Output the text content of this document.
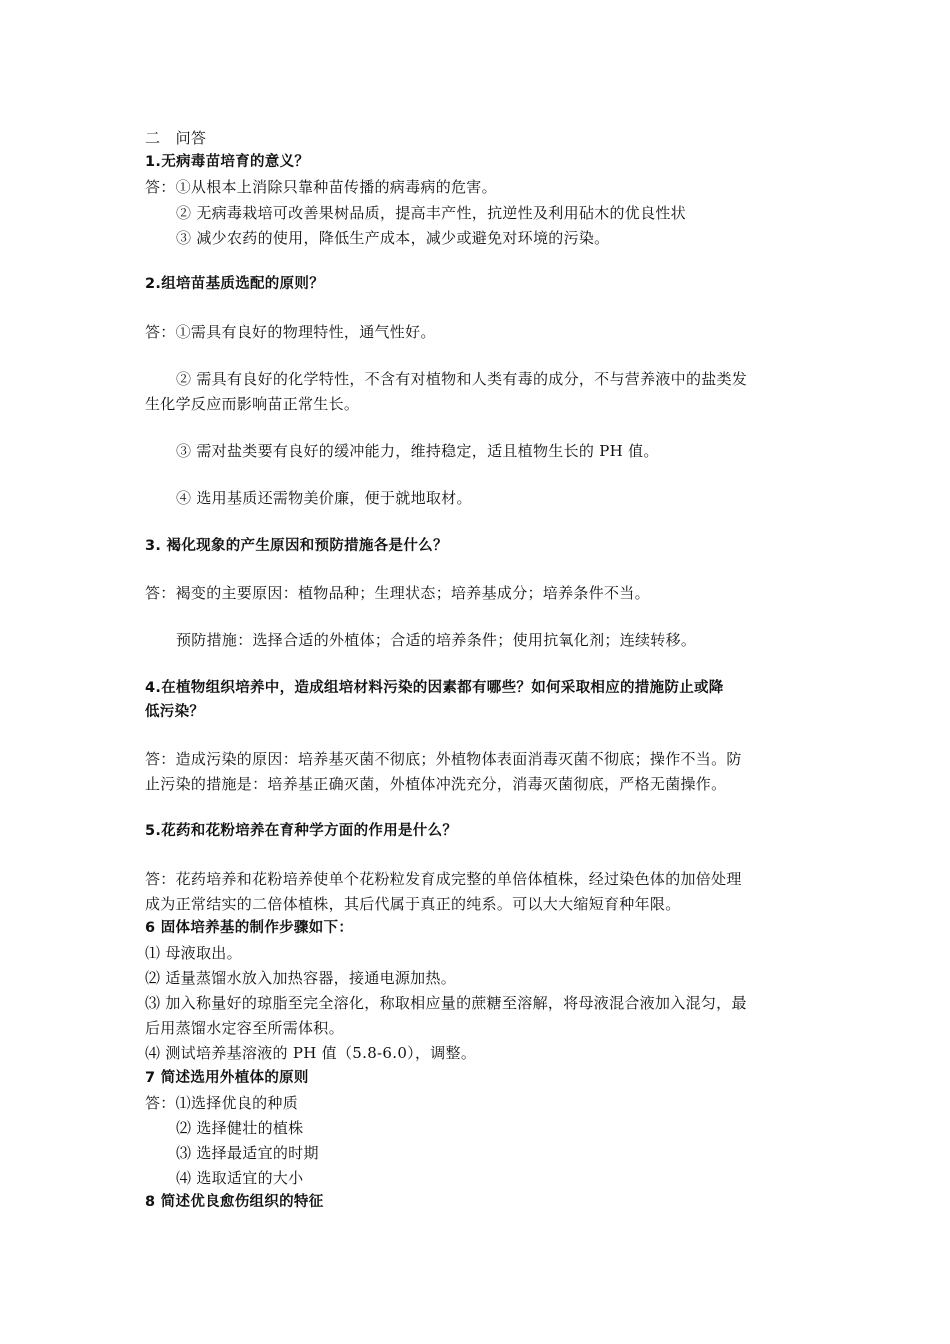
二　问答
1.无病毒苗培育的意义？
答：①从根本上消除只靠种苗传播的病毒病的危害。
② 无病毒栽培可改善果树品质，提高丰产性，抗逆性及利用砧木的优良性状
③ 减少农药的使用，降低生产成本，减少或避免对环境的污染。
2.组培苗基质选配的原则？
答：①需具有良好的物理特性，通气性好。
② 需具有良好的化学特性，不含有对植物和人类有毒的成分，不与营养液中的盐类发
生化学反应而影响苗正常生长。
③ 需对盐类要有良好的缓冲能力，维持稳定，适且植物生长的 PH 值。
④ 选用基质还需物美价廉，便于就地取材。
3. 褐化现象的产生原因和预防措施各是什么？
答：褐变的主要原因：植物品种；生理状态；培养基成分；培养条件不当。
预防措施：选择合适的外植体；合适的培养条件；使用抗氧化剂；连续转移。
4.在植物组织培养中，造成组培材料污染的因素都有哪些？如何采取相应的措施防止或降
低污染？
答：造成污染的原因：培养基灭菌不彻底；外植物体表面消毒灭菌不彻底；操作不当。防
止污染的措施是：培养基正确灭菌，外植体冲洗充分，消毒灭菌彻底，严格无菌操作。
5.花药和花粉培养在育种学方面的作用是什么？
答：花药培养和花粉培养使单个花粉粒发育成完整的单倍体植株，经过染色体的加倍处理
成为正常结实的二倍体植株，其后代属于真正的纯系。可以大大缩短育种年限。
6 固体培养基的制作步骤如下：
⑴ 母液取出。
⑵ 适量蒸馏水放入加热容器，接通电源加热。
⑶ 加入称量好的琼脂至完全溶化，称取相应量的蔗糖至溶解，将母液混合液加入混匀，最
后用蒸馏水定容至所需体积。
⑷ 测试培养基溶液的 PH 值（5.8-6.0），调整。
7 简述选用外植体的原则
答：⑴选择优良的种质
⑵ 选择健壮的植株
⑶ 选择最适宜的时期
⑷ 选取适宜的大小
8 简述优良愈伤组织的特征
